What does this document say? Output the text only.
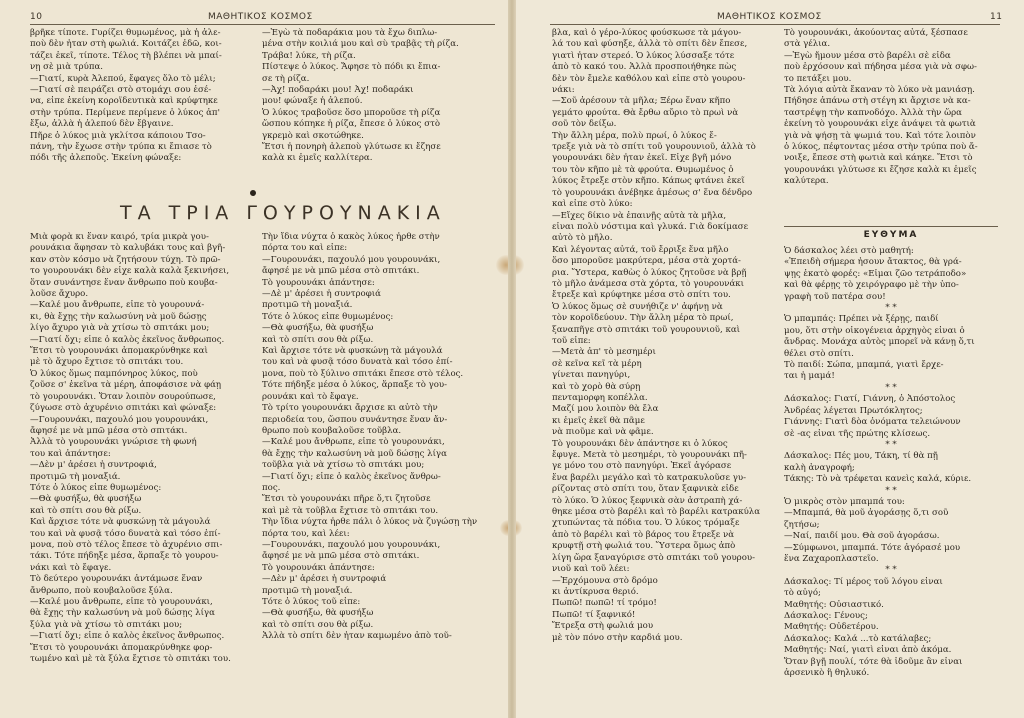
10	ΜΑΘΗΤΙΚΟΣ ΚΟΣΜΟΣ
βρῆκε τίποτε. Γυρίζει θυμωμένος, μὰ ἡ ἀλε-
ποὺ δὲν ἦταν στὴ φωλιά. Κοιτάζει ἐδῶ, κοι-
τάζει ἐκεῖ, τίποτε. Τέλος τὴ βλέπει νὰ μπαί-
νῃ σὲ μιὰ τρύπα.
—Γιατί, κυρὰ Ἀλεπού, ἔφαγες ὅλο τὸ μέλι;
—Γιατί σὲ πειράζει στὸ στομάχι σου ἐσέ-
να, εἶπε ἐκείνη κοροϊδευτικὰ καὶ κρύφτηκε
στὴν τρύπα. Περίμενε περίμενε ὁ λύκος ἀπ'
ἔξω, ἀλλὰ ἡ ἀλεπού δὲν ἔβγαινε.
Πῆρε ὁ λύκος μιὰ γκλίτσα κάποιου Τσο-
πάνη, τὴν ἔχωσε στὴν τρύπα κι ἔπιασε τὸ
πόδι τῆς ἀλεποῦς. Ἐκείνη φώναξε:
—Ἐγὼ τὰ ποδαράκια μου τὰ ἔχω διπλω-
μένα στὴν κοιλιά μου καὶ σὺ τραβᾷς τὴ ρίζα.
Τράβα! λύκε, τὴ ρίζα.
Πίστεψε ὁ λύκος. Ἄφησε τὸ πόδι κι ἔπια-
σε τὴ ρίζα.
—Ἀχ! ποδαράκι μου! Ἀχ! ποδαράκι
μου! φώναξε ἡ ἀλεπού.
Ὁ λύκος τραβοῦσε ὅσο μποροῦσε τὴ ρίζα
ὥσπου κόπηκε ἡ ρίζα, ἔπεσε ὁ λύκος στὸ
γκρεμὸ καὶ σκοτώθηκε.
Ἔτσι ἡ πονηρὴ ἀλεποὺ γλύτωσε κι ἔζησε
καλὰ κι ἐμεῖς καλλίτερα.
ΤΑ ΤΡΙΑ ΓΟΥΡΟΥΝΑΚΙΑ
Μιὰ φορὰ κι ἕναν καιρό, τρία μικρὰ γου-
ρουνάκια ἄφησαν τὸ καλυβάκι τους καὶ βγῆ-
καν στὸν κόσμο νὰ ζητήσουν τύχη. Τὸ πρῶ-
το γουρουνάκι δὲν εἶχε καλὰ καλὰ ξεκινήσει,
ὅταν συνάντησε ἕναν ἄνθρωπο ποὺ κουβα-
λοῦσε ἄχυρο.
—Καλέ μου ἄνθρωπε, εἶπε τὸ γουρουνά-
κι, θὰ ἔχῃς τὴν καλωσύνη νὰ μοῦ δώσῃς
λίγο ἄχυρο γιὰ νὰ χτίσω τὸ σπιτάκι μου;
—Γιατί ὄχι; εἶπε ὁ καλὸς ἐκεῖνος ἄνθρωπος.
Ἔτσι τὸ γουρουνάκι ἀπομακρύνθηκε καὶ
μὲ τὸ ἄχυρο ἔχτισε τὸ σπιτάκι του.
Ὁ λύκος ὅμως παμπόνηρος λύκος, ποὺ
ζοῦσε σ' ἐκεῖνα τὰ μέρη, ἀποφάσισε νὰ φάῃ
τὸ γουρουνάκι. Ὅταν λοιπὸν σουρούπωσε,
ζύγωσε στὸ ἀχυρένιο σπιτάκι καὶ φώναξε:
—Γουρουνάκι, παχουλό μου γουρουνάκι,
ἄφησέ με νὰ μπῶ μέσα στὸ σπιτάκι.
Ἀλλὰ τὸ γουρουνάκι γνώρισε τὴ φωνή
του καὶ ἀπάντησε:
—Δὲν μ' ἀρέσει ἡ συντροφιά,
προτιμῶ τὴ μοναξιά.
Τότε ὁ λύκος εἶπε θυμωμένος:
—Θὰ φυσήξω, θὰ φυσήξω
καὶ τὸ σπίτι σου θὰ ρίξω.
Καὶ ἄρχισε τότε νὰ φυσκώνῃ τὰ μάγουλά
του καὶ νὰ φυσᾷ τόσο δυνατὰ καὶ τόσο ἐπί-
μονα, ποὺ στὸ τέλος ἔπεσε τὸ ἀχυρένιο σπι-
τάκι. Τότε πήδηξε μέσα, ἅρπαξε τὸ γουρου-
νάκι καὶ τὸ ἔφαγε.
Τὸ δεύτερο γουρουνάκι ἀντάμωσε ἕναν
ἄνθρωπο, ποὺ κουβαλοῦσε ξύλα.
—Καλέ μου ἄνθρωπε, εἶπε τὸ γουρουνάκι,
θὰ ἔχῃς τὴν καλωσύνη νὰ μοῦ δώσῃς λίγα
ξύλα γιὰ νὰ χτίσω τὸ σπιτάκι μου;
—Γιατί ὄχι; εἶπε ὁ καλὸς ἐκεῖνος ἄνθρωπος.
Ἔτσι τὸ γουρουνάκι ἀπομακρύνθηκε φορ-
τωμένο καὶ μὲ τὰ ξύλα ἔχτισε τὸ σπιτάκι του.
Τὴν ἴδια νύχτα ὁ κακὸς λύκος ἦρθε στὴν
πόρτα του καὶ εἶπε:
—Γουρουνάκι, παχουλό μου γουρουνάκι,
ἄφησέ με νὰ μπῶ μέσα στὸ σπιτάκι.
Τὸ γουρουνάκι ἀπάντησε:
—Δὲ μ' ἀρέσει ἡ συντροφιά
προτιμῶ τὴ μοναξιά.
Τότε ὁ λύκος εἶπε θυμωμένος:
—Θὰ φυσήξω, θὰ φυσήξω
καὶ τὸ σπίτι σου θὰ ρίξω.
Καὶ ἄρχισε τότε νὰ φυσκώνῃ τὰ μάγουλά
του καὶ νὰ φυσᾷ τόσο δυνατὰ καὶ τόσο ἐπί-
μονα, ποὺ τὸ ξύλινο σπιτάκι ἔπεσε στὸ τέλος.
Τότε πήδηξε μέσα ὁ λύκος, ἅρπαξε τὸ γου-
ρουνάκι καὶ τὸ ἔφαγε.
Τὸ τρίτο γουρουνάκι ἄρχισε κι αὐτὸ τὴν
περιοδεία του, ὥσπου συνάντησε ἕναν ἄν-
θρωπο ποὺ κουβαλοῦσε τοῦβλα.
—Καλέ μου ἄνθρωπε, εἶπε τὸ γουρουνάκι,
θὰ ἔχῃς τὴν καλωσύνη νὰ μοῦ δώσῃς λίγα
τοῦβλα γιὰ νὰ χτίσω τὸ σπιτάκι μου;
—Γιατί ὄχι; εἶπε ὁ καλὸς ἐκεῖνος ἄνθρω-
πος.
Ἔτσι τὸ γουρουνάκι πῆρε ὅ,τι ζητοῦσε
καὶ μὲ τὰ τοῦβλα ἔχτισε τὸ σπιτάκι του.
Τὴν ἴδια νύχτα ἦρθε πάλι ὁ λύκος νὰ ζυγώσῃ τὴν
πόρτα του, καὶ λέει:
—Γουρουνάκι, παχουλό μου γουρουνάκι,
ἄφησέ με νὰ μπῶ μέσα στὸ σπιτάκι.
Τὸ γουρουνάκι ἀπάντησε:
—Δὲν μ' ἀρέσει ἡ συντροφιά
προτιμῶ τὴ μοναξιά.
Τότε ὁ λύκος τοῦ εἶπε:
—Θὰ φυσήξω, θὰ φυσήξω
καὶ τὸ σπίτι σου θὰ ρίξω.
Ἀλλὰ τὸ σπίτι δὲν ἦταν καμωμένο ἀπὸ τοῦ-
ΜΑΘΗΤΙΚΟΣ ΚΟΣΜΟΣ	11
βλα, καὶ ὁ γέρο-λύκος φούσκωσε τὰ μάγου-
λά του καὶ φύσηξε, ἀλλὰ τὸ σπίτι δὲν ἔπεσε,
γιατὶ ἦταν στερεό. Ὁ λύκος λύσσαξε τότε
ἀπὸ τὸ κακό του. Ἀλλὰ προσποιήθηκε πὼς
δὲν τὸν ἔμελε καθόλου καὶ εἶπε στὸ γουρου-
νάκι:
—Σοῦ ἀρέσουν τὰ μῆλα; Ξέρω ἕναν κῆπο
γεμάτο φρούτα. Θὰ ἔρθω αὔριο τὸ πρωὶ νὰ
σοῦ τὸν δείξω.
Τὴν ἄλλη μέρα, πολὺ πρωί, ὁ λύκος ἔ-
τρεξε γιὰ νὰ τὸ σπίτι τοῦ γουρουνιοῦ, ἀλλὰ τὸ
γουρουνάκι δὲν ἦταν ἐκεῖ. Εἶχε βγῆ μόνο
του τὸν κῆπο μὲ τὰ φρούτα. Θυμωμένος ὁ
λύκος ἔτρεξε στὸν κῆπο. Κάπως φτάνει ἐκεῖ
τὸ γουρουνάκι ἀνέβηκε ἀμέσως σ' ἕνα δένδρο
καὶ εἶπε στὸ λύκο:
—Εἴχες δίκιο νὰ ἐπαινῇς αὐτὰ τὰ μῆλα,
εἶναι πολὺ νόστιμα καὶ γλυκά. Γιὰ δοκίμασε
αὐτὸ τὸ μῆλο.
Καὶ λέγοντας αὐτά, τοῦ ἔρριξε ἕνα μῆλο
ὅσο μποροῦσε μακρύτερα, μέσα στὰ χορτά-
ρια. Ὕστερα, καθὼς ὁ λύκος ζητοῦσε νὰ βρῇ
τὸ μῆλο ἀνάμεσα στὰ χόρτα, τὸ γουρουνάκι
ἔτρεξε καὶ κρύφτηκε μέσα στὸ σπίτι του.
Ὁ λύκος ὅμως σὲ συνήθιζε ν' ἀφήνῃ νὰ
τὸν κοροϊδεύουν. Τὴν ἄλλη μέρα τὸ πρωί,
ξαναπῆγε στὸ σπιτάκι τοῦ γουρουνιοῦ, καὶ
τοῦ εἶπε:
—Μετὰ ἀπ' τὸ μεσημέρι
σὲ κεῖνα κεῖ τὰ μέρη
γίνεται πανηγύρι,
καὶ τὸ χορὸ θὰ σύρῃ
πενταμορφη κοπέλλα.
Μαζί μου λοιπὸν θὰ ἔλα
κι ἐμεῖς ἐκεῖ θὰ πᾶμε
νὰ πιοῦμε καὶ νὰ φᾶμε.
Τὸ γουρουνάκι δὲν ἀπάντησε κι ὁ λύκος
ἔφυγε. Μετὰ τὸ μεσημέρι, τὸ γουρουνάκι πῆ-
γε μόνο του στὸ πανηγύρι. Ἐκεῖ ἀγόρασε
ἕνα βαρέλι μεγάλο καὶ τὸ κατρακυλοῦσε γυ-
ρίζοντας στὸ σπίτι του, ὅταν ξαφνικὰ εἶδε
τὸ λύκο. Ὁ λύκος ξεφνικὰ σὰν ἀστραπὴ χά-
θηκε μέσα στὸ βαρέλι καὶ τὸ βαρέλι κατρακύλα
χτυπώντας τὰ πόδια του. Ὁ λύκος τρόμαξε
ἀπὸ τὸ βαρέλι καὶ τὸ βάρος του ἔτρεξε νὰ
κρυφτῇ στὴ φωλιά του. Ὕστερα ὅμως ἀπὸ
λίγη ὥρα ξαναγύρισε στὸ σπιτάκι τοῦ γουρου-
νιοῦ καὶ τοῦ λέει:
—Ἐρχόμουνα στὸ δρόμο
κι ἀντίκρυσα θεριό.
Πωπῶ! πωπῶ! τί τρόμο!
Πωπῶ! τί ξαφνικό!
Ἔτρεξα στὴ φωλιά μου
μὲ τὸν πόνο στὴν καρδιά μου.
Τὸ γουρουνάκι, ἀκούοντας αὐτά, ξέσπασε
στὰ γέλια.
—Ἐγὼ ἤμουν μέσα στὸ βαρέλι σὲ εἶδα
ποὺ ἐρχόσουν καὶ πήδησα μέσα γιὰ νὰ σφω-
το πετάξει μου.
Τὰ λόγια αὐτὰ ἔκαναν τὸ λύκο νὰ μανιάσῃ.
Πήδησε ἀπάνω στὴ στέγη κι ἄρχισε νὰ κα-
ταστρέψῃ τὴν καπνοδόχο. Ἀλλὰ τὴν ὥρα
ἐκείνη τὸ γουρουνάκι εἶχε ἀνάψει τὰ φωτιὰ
γιὰ νὰ ψήσῃ τὰ ψωμιά του. Καὶ τότε λοιπὸν
ὁ λύκος, πέφτοντας μέσα στὴν τρύπα ποὺ ἄ-
νοιξε, ἔπεσε στὴ φωτιὰ καὶ κάηκε. Ἔτσι τὸ
γουρουνάκι γλύτωσε κι ἔζησε καλὰ κι ἐμεῖς
καλύτερα.
ΕΥΘΥΜΑ
Ὁ δάσκαλος λέει στὸ μαθητή:
«Ἐπειδὴ σήμερα ἦσουν ἄτακτος, θὰ γρά-
ψῃς ἑκατὸ φορές: «Εἶμαι ζῶο τετράποδο»
καὶ θὰ φέρῃς τὸ χειρόγραφο μὲ τὴν ὑπο-
γραφὴ τοῦ πατέρα σου!
* *
Ὁ μπαμπάς: Πρέπει νὰ ξέρῃς, παιδί
μου, ὅτι στὴν οἰκογένεια ἀρχηγὸς εἶναι ὁ
ἄνδρας. Μονάχα αὐτὸς μπορεῖ νὰ κάνῃ ὅ,τι
θέλει στὸ σπίτι.
Τὸ παιδί: Σώπα, μπαμπά, γιατὶ ἔρχε-
ται ἡ μαμά!
* *
Δάσκαλος: Γιατί, Γιάννη, ὁ Ἀπόστολος
Ἀνδρέας λέγεται Πρωτόκλητος;
Γιάννης: Γιατὶ δὸα ὀνόματα τελειώνουν
σὲ -ας εἶναι τῆς πρώτης κλίσεως.
* *
Δάσκαλος: Πές μου, Τάκη, τί θὰ πῇ
καλὴ ἀναγροφή;
Τάκης: Τὸ νὰ τρέφεται κανεὶς καλά, κύριε.
* *
Ὁ μικρὸς στὸν μπαμπά του:
—Μπαμπά, θὰ μοῦ ἀγοράσῃς ὅ,τι σοῦ
ζητήσω;
—Ναί, παιδί μου. Θὰ σοῦ ἀγοράσω.
—Σύμφωνοι, μπαμπά. Τότε ἀγόρασέ μου
ἕνα Ζαχαροπλαστεῖο.
* *
Δάσκαλος: Τί μέρος τοῦ λόγου εἶναι
τὸ αὐγό;
Μαθητής: Οὐσιαστικό.
Δάσκαλος: Γένους;
Μαθητής: Οὐδετέρου.
Δάσκαλος: Καλά ...τὸ κατάλαβες;
Μαθητής: Ναί, γιατὶ εἶναι ἀπὸ ἀκόμα.
Ὅταν βγῇ πουλί, τότε θὰ ἰδοῦμε ἂν εἶναι
ἀρσενικὸ ἢ θηλυκό.
